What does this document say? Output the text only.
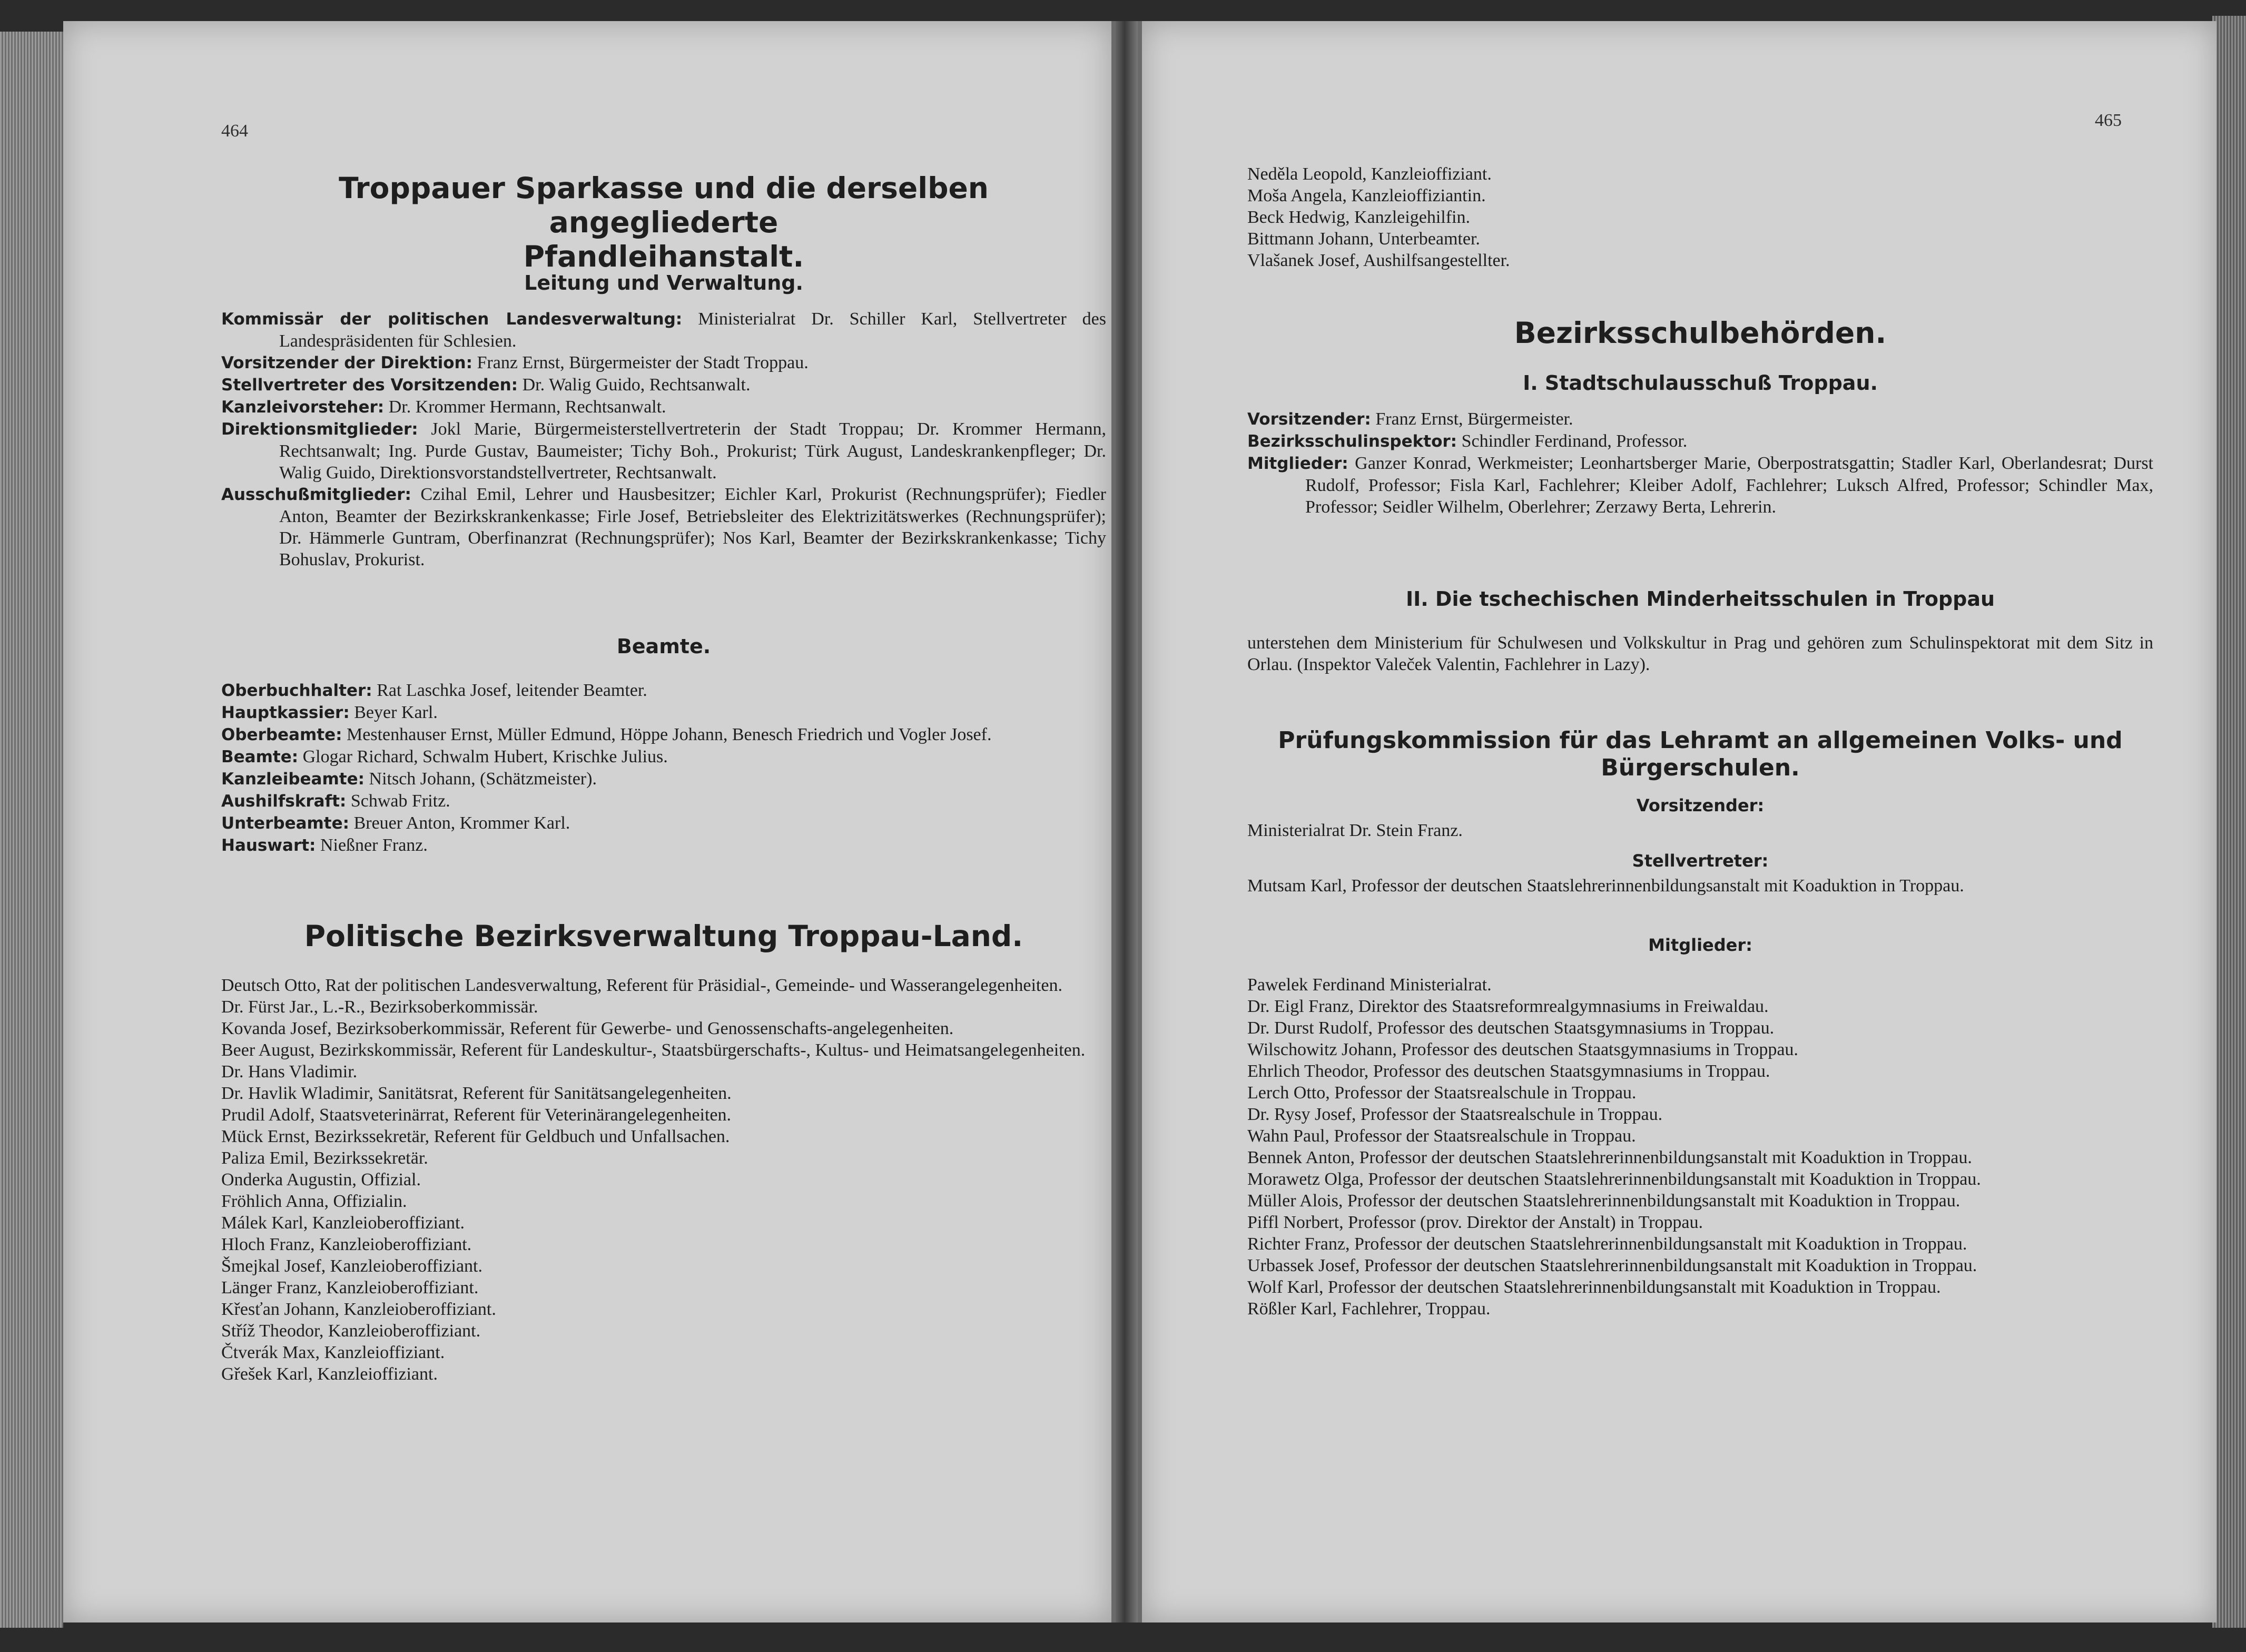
464

Troppauer Sparkasse und die derselben angegliederte

Pfandleihanstalt.

Leitung und Verwaltung.

Kommissär der politischen Landesverwaltung: Ministerialrat Dr. Schiller Karl, Stellvertreter des Landespräsidenten für Schlesien.

Vorsitzender der Direktion: Franz Ernst, Bürgermeister der Stadt Troppau.

Stellvertreter des Vorsitzenden: Dr. Walig Guido, Rechtsanwalt.

Kanzleivorsteher: Dr. Krommer Hermann, Rechtsanwalt.

Direktionsmitglieder: Jokl Marie, Bürgermeisterstellvertreterin der Stadt Troppau; Dr. Krommer Hermann, Rechtsanwalt; Ing. Purde Gustav, Baumeister; Tichy Boh., Prokurist; Türk August, Landeskrankenpfleger; Dr. Walig Guido, Direktionsvorstandstellvertreter, Rechtsanwalt.

Ausschußmitglieder: Czihal Emil, Lehrer und Hausbesitzer; Eichler Karl, Prokurist (Rechnungsprüfer); Fiedler Anton, Beamter der Bezirkskrankenkasse; Firle Josef, Betriebsleiter des Elektrizitätswerkes (Rechnungsprüfer); Dr. Hämmerle Guntram, Oberfinanzrat (Rechnungsprüfer); Nos Karl, Beamter der Bezirkskrankenkasse; Tichy Bohuslav, Prokurist.

Beamte.

Oberbuchhalter: Rat Laschka Josef, leitender Beamter.

Hauptkassier: Beyer Karl.

Oberbeamte: Mestenhauser Ernst, Müller Edmund, Höppe Johann, Benesch Friedrich und Vogler Josef.

Beamte: Glogar Richard, Schwalm Hubert, Krischke Julius.

Kanzleibeamte: Nitsch Johann, (Schätzmeister).

Aushilfskraft: Schwab Fritz.

Unterbeamte: Breuer Anton, Krommer Karl.

Hauswart: Nießner Franz.

Politische Bezirksverwaltung Troppau-Land.

Deutsch Otto, Rat der politischen Landesverwaltung, Referent für Präsidial-, Gemeinde- und Wasserangelegenheiten.

Dr. Fürst Jar., L.-R., Bezirksoberkommissär.

Kovanda Josef, Bezirksoberkommissär, Referent für Gewerbe- und Genossenschafts-angelegenheiten.

Beer August, Bezirkskommissär, Referent für Landeskultur-, Staatsbürgerschafts-, Kultus- und Heimatsangelegenheiten.

Dr. Hans Vladimir.

Dr. Havlik Wladimir, Sanitätsrat, Referent für Sanitätsangelegenheiten.

Prudil Adolf, Staatsveterinärrat, Referent für Veterinärangelegenheiten.

Mück Ernst, Bezirkssekretär, Referent für Geldbuch und Unfallsachen.

Paliza Emil, Bezirkssekretär.

Onderka Augustin, Offizial.

Fröhlich Anna, Offizialin.

Málek Karl, Kanzleioberoffiziant.

Hloch Franz, Kanzleioberoffiziant.

Šmejkal Josef, Kanzleioberoffiziant.

Länger Franz, Kanzleioberoffiziant.

Křesťan Johann, Kanzleioberoffiziant.

Stříž Theodor, Kanzleioberoffiziant.

Čtverák Max, Kanzleioffiziant.

Gřešek Karl, Kanzleioffiziant.

465

Neděla Leopold, Kanzleioffiziant.

Moša Angela, Kanzleioffiziantin.

Beck Hedwig, Kanzleigehilfin.

Bittmann Johann, Unterbeamter.

Vlašanek Josef, Aushilfsangestellter.

Bezirksschulbehörden.

I. Stadtschulausschuß Troppau.

Vorsitzender: Franz Ernst, Bürgermeister.

Bezirksschulinspektor: Schindler Ferdinand, Professor.

Mitglieder: Ganzer Konrad, Werkmeister; Leonhartsberger Marie, Oberpostratsgattin; Stadler Karl, Oberlandesrat; Durst Rudolf, Professor; Fisla Karl, Fachlehrer; Kleiber Adolf, Fachlehrer; Luksch Alfred, Professor; Schindler Max, Professor; Seidler Wilhelm, Oberlehrer; Zerzawy Berta, Lehrerin.

II. Die tschechischen Minderheitsschulen in Troppau

unterstehen dem Ministerium für Schulwesen und Volkskultur in Prag und gehören zum Schulinspektorat mit dem Sitz in Orlau. (Inspektor Valeček Valentin, Fachlehrer in Lazy).

Prüfungskommission für das Lehramt an allgemeinen Volks- und

Bürgerschulen.

Vorsitzender:

Ministerialrat Dr. Stein Franz.

Stellvertreter:

Mutsam Karl, Professor der deutschen Staatslehrerinnenbildungsanstalt mit Koaduktion in Troppau.

Mitglieder:

Pawelek Ferdinand Ministerialrat.

Dr. Eigl Franz, Direktor des Staatsreformrealgymnasiums in Freiwaldau.

Dr. Durst Rudolf, Professor des deutschen Staatsgymnasiums in Troppau.

Wilschowitz Johann, Professor des deutschen Staatsgymnasiums in Troppau.

Ehrlich Theodor, Professor des deutschen Staatsgymnasiums in Troppau.

Lerch Otto, Professor der Staatsrealschule in Troppau.

Dr. Rysy Josef, Professor der Staatsrealschule in Troppau.

Wahn Paul, Professor der Staatsrealschule in Troppau.

Bennek Anton, Professor der deutschen Staatslehrerinnenbildungsanstalt mit Koaduktion in Troppau.

Morawetz Olga, Professor der deutschen Staatslehrerinnenbildungsanstalt mit Koaduktion in Troppau.

Müller Alois, Professor der deutschen Staatslehrerinnenbildungsanstalt mit Koaduktion in Troppau.

Piffl Norbert, Professor (prov. Direktor der Anstalt) in Troppau.

Richter Franz, Professor der deutschen Staatslehrerinnenbildungsanstalt mit Koaduktion in Troppau.

Urbassek Josef, Professor der deutschen Staatslehrerinnenbildungsanstalt mit Koaduktion in Troppau.

Wolf Karl, Professor der deutschen Staatslehrerinnenbildungsanstalt mit Koaduktion in Troppau.

Rößler Karl, Fachlehrer, Troppau.
